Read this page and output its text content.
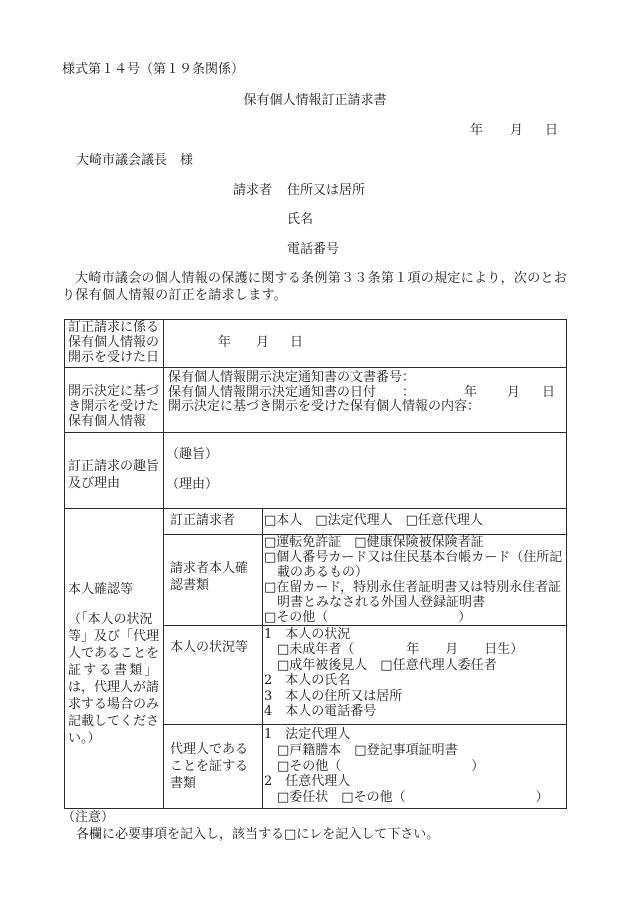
様式第１４号（第１９条関係）
保有個人情報訂正請求書
年 月 日
大崎市議会議長　様
請求者 住所又は居所
氏名
電話番号
大崎市議会の個人情報の保護に関する条例第３３条第１項の規定により，次のとお
り保有個人情報の訂正を請求します。
訂正請求に係る
保有個人情報の
開示を受けた日
年 月 日
開示決定に基づ
き開示を受けた
保有個人情報
保有個人情報開示決定通知書の文書番号：
保有個人情報開示決定通知書の日付　　：	年 月 日
開示決定に基づき開示を受けた保有個人情報の内容：
訂正請求の趣旨
及び理由
（趣旨）
（理由）
本人確認等
（「本人の状況
等」及び「代理
人であることを
証する書類」
は，代理人が請
求する場合のみ
記載してくださ
い。）
訂正請求者	□本人　□法定代理人　□任意代理人
請求者本人確
認書類
□運転免許証　□健康保険被保険者証
□個人番号カード又は住民基本台帳カード（住所記
載のあるもの）
□在留カード，特別永住者証明書又は特別永住者証
明書とみなされる外国人登録証明書
□その他（　　　　　　　　　　）
本人の状況等
1　本人の状況
□未成年者（　　　　年　　月　　日生）
□成年被後見人　□任意代理人委任者
2　本人の氏名
3　本人の住所又は居所
4　本人の電話番号
代理人である
ことを証する
書類
1　法定代理人
□戸籍謄本　□登記事項証明書
□その他（　　　　　　　　　　）
2　任意代理人
□委任状　□その他（　　　　　　　　　　）
（注意）
各欄に必要事項を記入し，該当する□にレを記入して下さい。
